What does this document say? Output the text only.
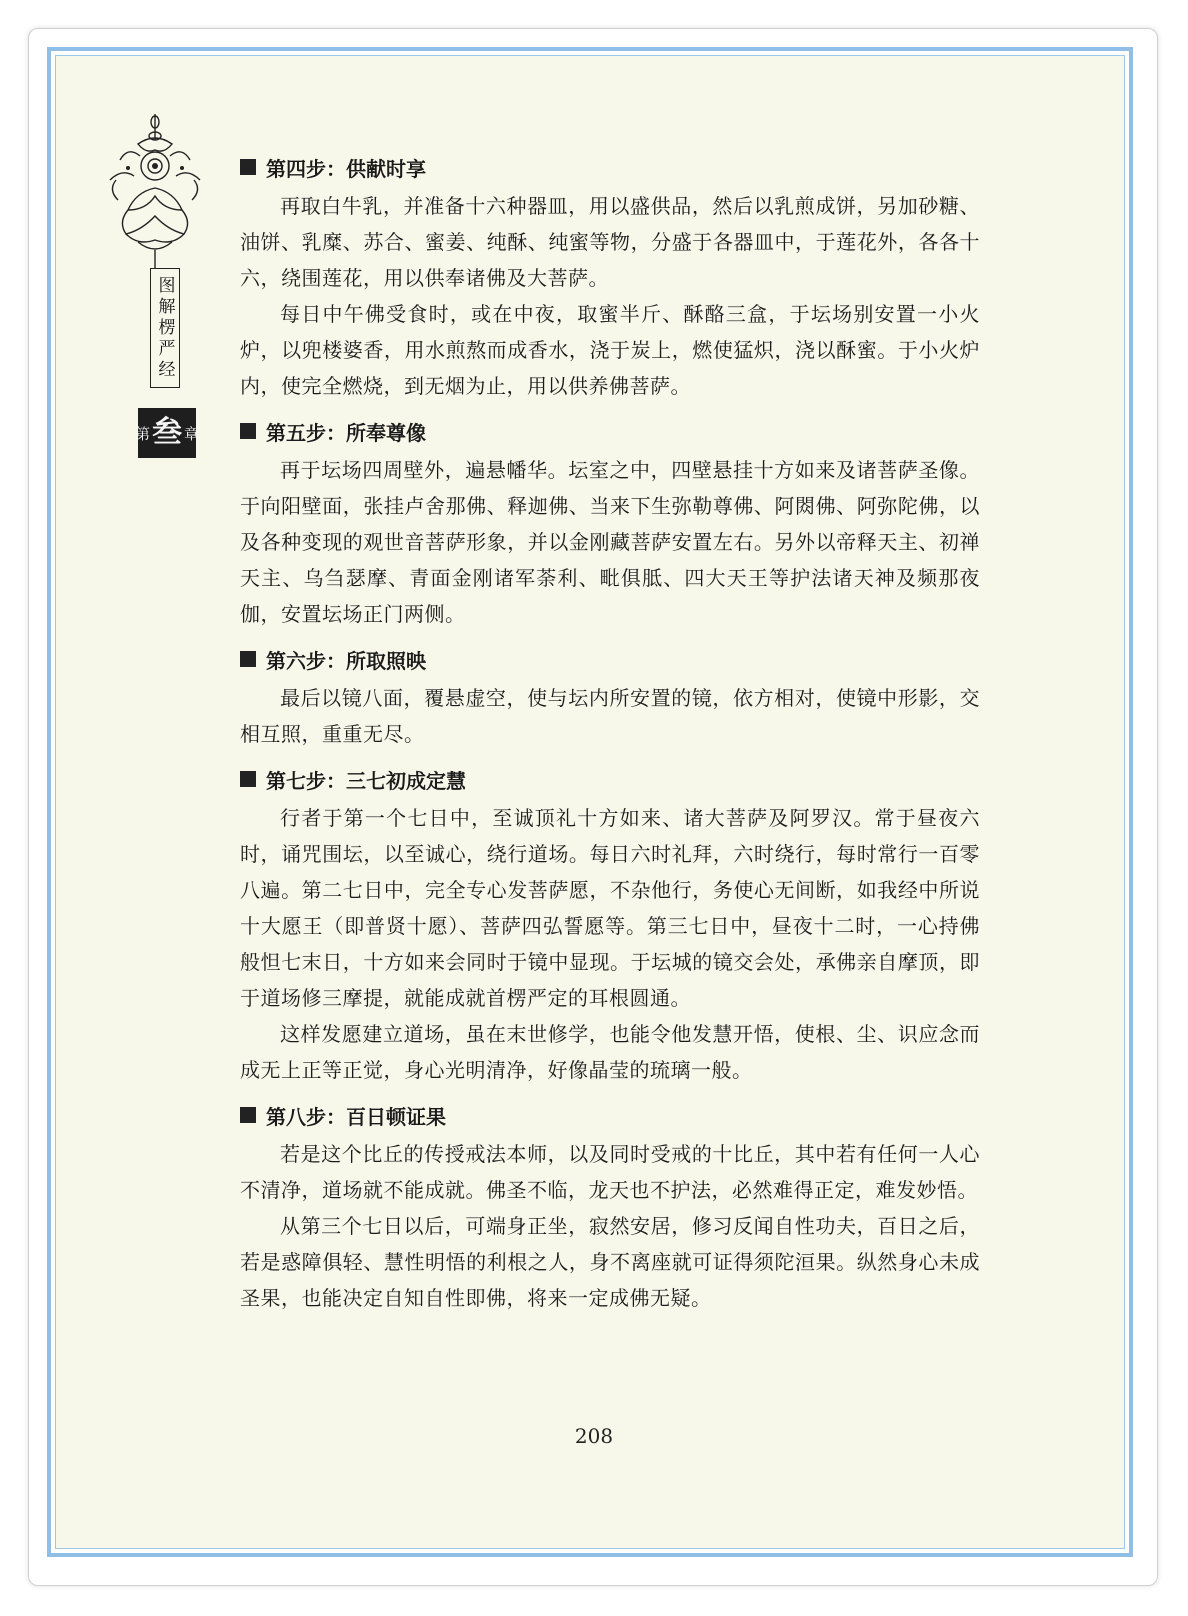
图解楞严经
第 叁 章
第四步：供献时享

再取白牛乳，并准备十六种器皿，用以盛供品，然后以乳煎成饼，另加砂糖、油饼、乳糜、苏合、蜜姜、纯酥、纯蜜等物，分盛于各器皿中，于莲花外，各各十六，绕围莲花，用以供奉诸佛及大菩萨。

每日中午佛受食时，或在中夜，取蜜半斤、酥酪三盒，于坛场别安置一小火炉，以兜楼婆香，用水煎熬而成香水，浇于炭上，燃使猛炽，浇以酥蜜。于小火炉内，使完全燃烧，到无烟为止，用以供养佛菩萨。

第五步：所奉尊像

再于坛场四周壁外，遍悬幡华。坛室之中，四壁悬挂十方如来及诸菩萨圣像。于向阳壁面，张挂卢舍那佛、释迦佛、当来下生弥勒尊佛、阿閦佛、阿弥陀佛，以及各种变现的观世音菩萨形象，并以金刚藏菩萨安置左右。另外以帝释天主、初禅天主、乌刍瑟摩、青面金刚诸军荼利、毗俱胝、四大天王等护法诸天神及频那夜伽，安置坛场正门两侧。

第六步：所取照映

最后以镜八面，覆悬虚空，使与坛内所安置的镜，依方相对，使镜中形影，交相互照，重重无尽。

第七步：三七初成定慧

行者于第一个七日中，至诚顶礼十方如来、诸大菩萨及阿罗汉。常于昼夜六时，诵咒围坛，以至诚心，绕行道场。每日六时礼拜，六时绕行，每时常行一百零八遍。第二七日中，完全专心发菩萨愿，不杂他行，务使心无间断，如我经中所说十大愿王（即普贤十愿）、菩萨四弘誓愿等。第三七日中，昼夜十二时，一心持佛般怛七末日，十方如来会同时于镜中显现。于坛城的镜交会处，承佛亲自摩顶，即于道场修三摩提，就能成就首楞严定的耳根圆通。

这样发愿建立道场，虽在末世修学，也能令他发慧开悟，使根、尘、识应念而成无上正等正觉，身心光明清净，好像晶莹的琉璃一般。

第八步：百日顿证果

若是这个比丘的传授戒法本师，以及同时受戒的十比丘，其中若有任何一人心不清净，道场就不能成就。佛圣不临，龙天也不护法，必然难得正定，难发妙悟。

从第三个七日以后，可端身正坐，寂然安居，修习反闻自性功夫，百日之后，若是惑障俱轻、慧性明悟的利根之人，身不离座就可证得须陀洹果。纵然身心未成圣果，也能决定自知自性即佛，将来一定成佛无疑。

208
